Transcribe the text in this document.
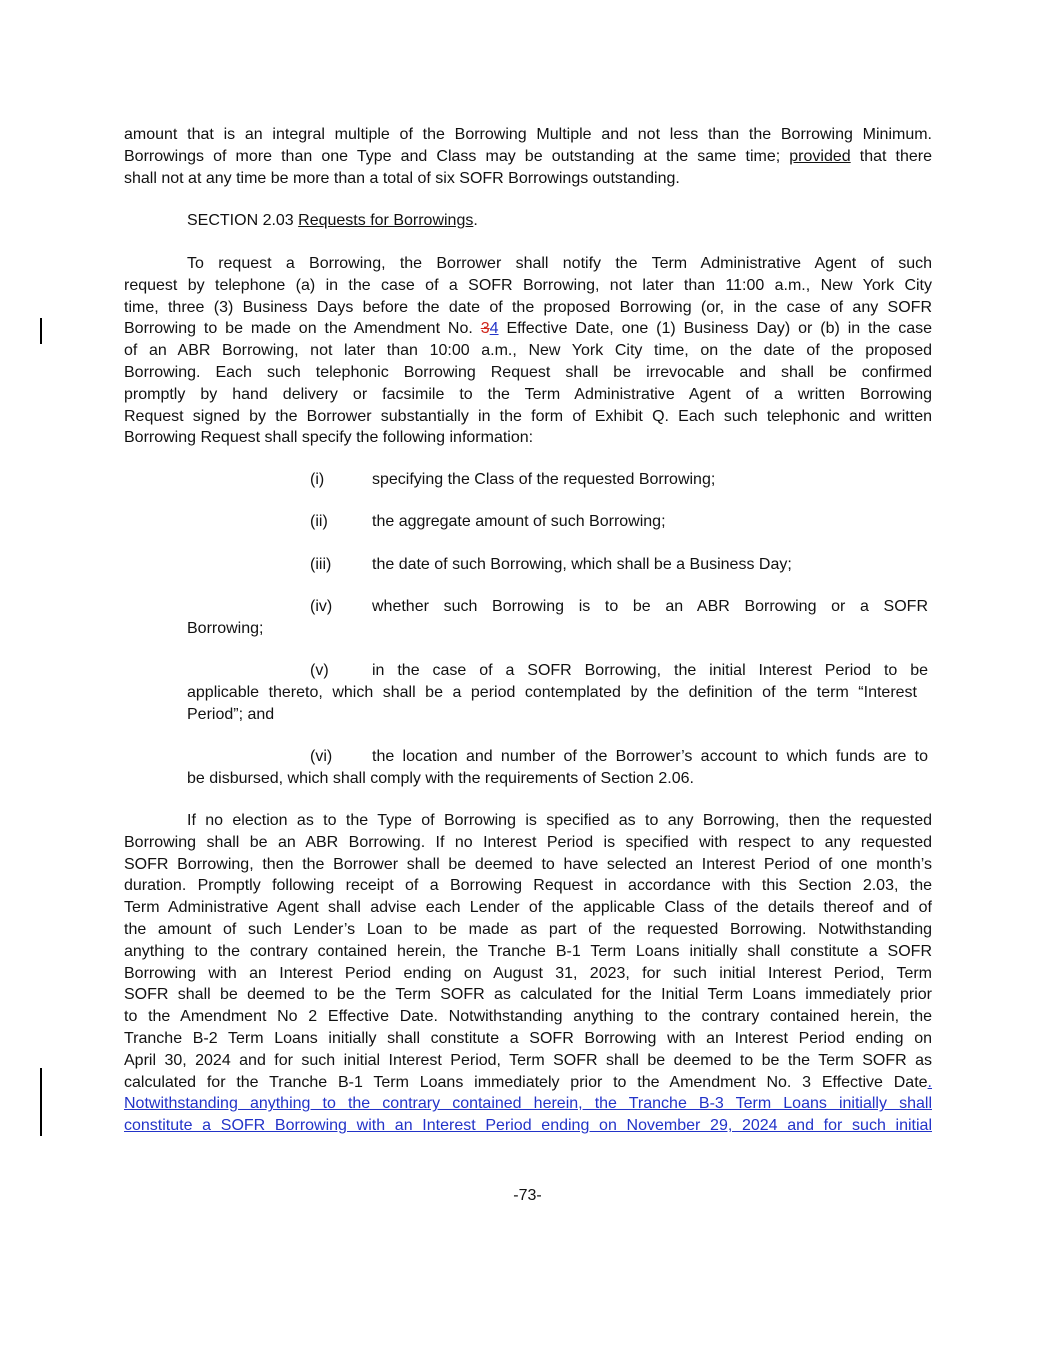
amount that is an integral multiple of the Borrowing Multiple and not less than the Borrowing Minimum.
Borrowings of more than one Type and Class may be outstanding at the same time; provided that there
shall not at any time be more than a total of six SOFR Borrowings outstanding.
SECTION 2.03 Requests for Borrowings.
To request a Borrowing, the Borrower shall notify the Term Administrative Agent of such
request by telephone (a) in the case of a SOFR Borrowing, not later than 11:00 a.m., New York City
time, three (3) Business Days before the date of the proposed Borrowing (or, in the case of any SOFR
Borrowing to be made on the Amendment No. 34 Effective Date, one (1) Business Day) or (b) in the case
of an ABR Borrowing, not later than 10:00 a.m., New York City time, on the date of the proposed
Borrowing. Each such telephonic Borrowing Request shall be irrevocable and shall be confirmed
promptly by hand delivery or facsimile to the Term Administrative Agent of a written Borrowing
Request signed by the Borrower substantially in the form of Exhibit Q. Each such telephonic and written
Borrowing Request shall specify the following information:
(i)	specifying the Class of the requested Borrowing;
(ii)	the aggregate amount of such Borrowing;
(iii)	the date of such Borrowing, which shall be a Business Day;
(iv) whether such Borrowing is to be an ABR Borrowing or a SOFR
Borrowing;
(v)	in the case of a SOFR Borrowing, the initial Interest Period to be
applicable thereto, which shall be a period contemplated by the definition of the term “Interest
Period”; and
(vi) the location and number of the Borrower’s account to which funds are to
be disbursed, which shall comply with the requirements of Section 2.06.
If no election as to the Type of Borrowing is specified as to any Borrowing, then the requested
Borrowing shall be an ABR Borrowing. If no Interest Period is specified with respect to any requested
SOFR Borrowing, then the Borrower shall be deemed to have selected an Interest Period of one month’s
duration. Promptly following receipt of a Borrowing Request in accordance with this Section 2.03, the
Term Administrative Agent shall advise each Lender of the applicable Class of the details thereof and of
the amount of such Lender’s Loan to be made as part of the requested Borrowing. Notwithstanding
anything to the contrary contained herein, the Tranche B-1 Term Loans initially shall constitute a SOFR
Borrowing with an Interest Period ending on August 31, 2023, for such initial Interest Period, Term
SOFR shall be deemed to be the Term SOFR as calculated for the Initial Term Loans immediately prior
to the Amendment No 2 Effective Date. Notwithstanding anything to the contrary contained herein, the
Tranche B-2 Term Loans initially shall constitute a SOFR Borrowing with an Interest Period ending on
April 30, 2024 and for such initial Interest Period, Term SOFR shall be deemed to be the Term SOFR as
calculated for the Tranche B-1 Term Loans immediately prior to the Amendment No. 3 Effective Date.
Notwithstanding anything to the contrary contained herein, the Tranche B-3 Term Loans initially shall
constitute a SOFR Borrowing with an Interest Period ending on November 29, 2024 and for such initial
-73-
